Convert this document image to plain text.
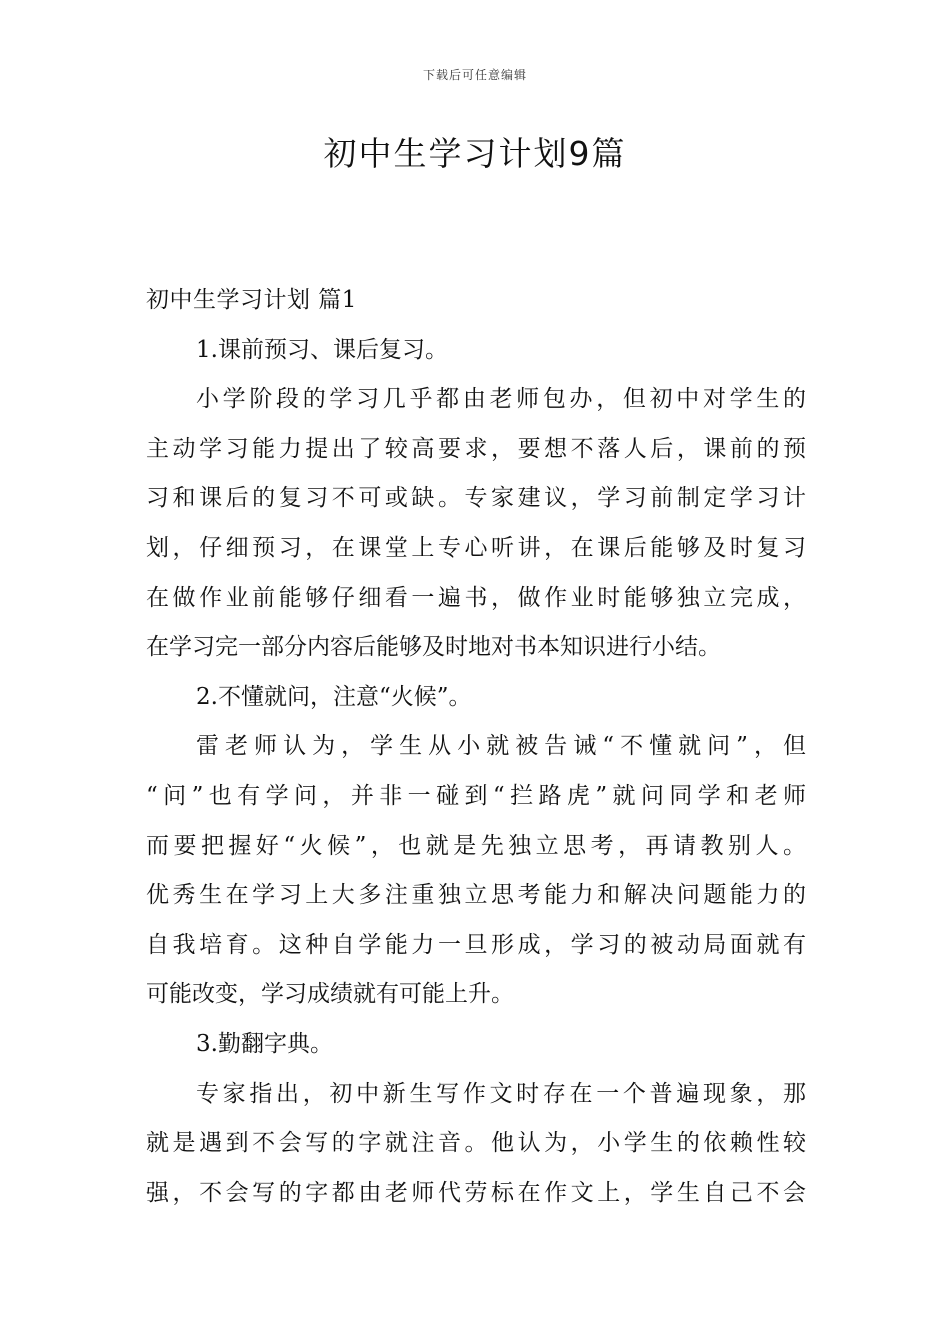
下载后可任意编辑
初中生学习计划9篇
初中生学习计划 篇1
1.课前预习、课后复习。
小学阶段的学习几乎都由老师包办，但初中对学生的
主动学习能力提出了较高要求，要想不落人后，课前的预
习和课后的复习不可或缺。专家建议，学习前制定学习计
划，仔细预习，在课堂上专心听讲，在课后能够及时复习
在做作业前能够仔细看一遍书，做作业时能够独立完成，
在学习完一部分内容后能够及时地对书本知识进行小结。
2.不懂就问，注意“火候”。
雷老师认为，学生从小就被告诫“不懂就问”，但
“问”也有学问，并非一碰到“拦路虎”就问同学和老师
而要把握好“火候”，也就是先独立思考，再请教别人。
优秀生在学习上大多注重独立思考能力和解决问题能力的
自我培育。这种自学能力一旦形成，学习的被动局面就有
可能改变，学习成绩就有可能上升。
3.勤翻字典。
专家指出，初中新生写作文时存在一个普遍现象，那
就是遇到不会写的字就注音。他认为，小学生的依赖性较
强，不会写的字都由老师代劳标在作文上，学生自己不会
